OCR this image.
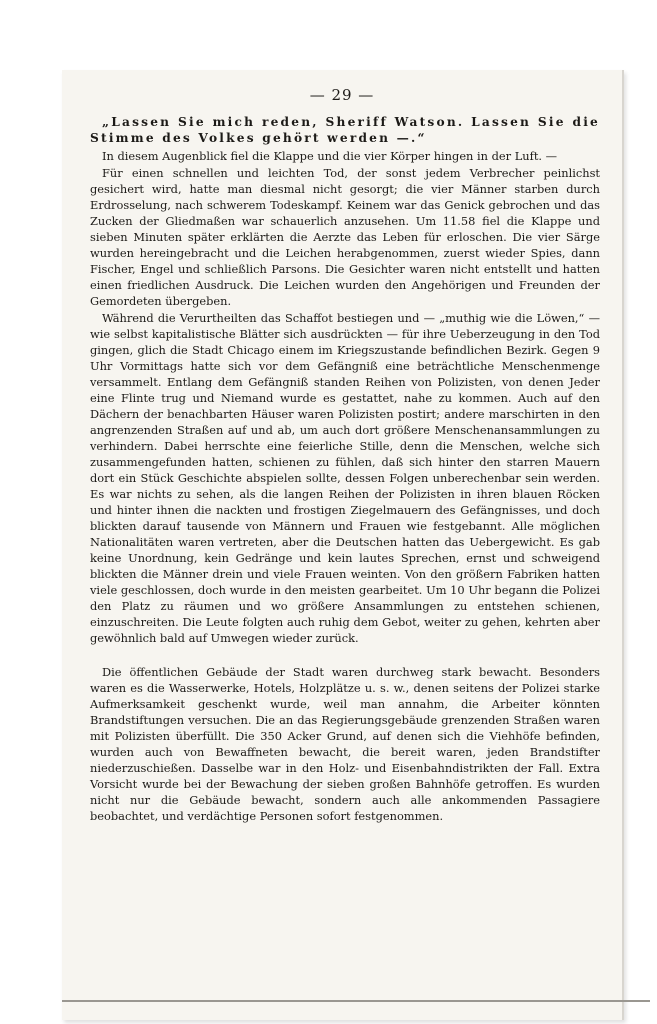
— 29 —

„Lassen Sie mich reden, Sheriff Watson. Lassen Sie die Stimme des Volkes gehört werden —.“

In diesem Augenblick fiel die Klappe und die vier Körper hingen in der Luft. —

Für einen schnellen und leichten Tod, der sonst jedem Verbrecher peinlichst gesichert wird, hatte man diesmal nicht gesorgt; die vier Männer starben durch Erdrosselung, nach schwerem Todeskampf. Keinem war das Genick gebrochen und das Zucken der Gliedmaßen war schauerlich anzusehen. Um 11.58 fiel die Klappe und sieben Minuten später erklärten die Aerzte das Leben für erloschen. Die vier Särge wurden hereingebracht und die Leichen herabgenommen, zuerst wieder Spies, dann Fischer, Engel und schließlich Parsons. Die Gesichter waren nicht entstellt und hatten einen friedlichen Ausdruck. Die Leichen wurden den Angehörigen und Freunden der Gemordeten übergeben.

Während die Verurtheilten das Schaffot bestiegen und — „muthig wie die Löwen,“ — wie selbst kapitalistische Blätter sich ausdrückten — für ihre Ueberzeugung in den Tod gingen, glich die Stadt Chicago einem im Kriegszustande befindlichen Bezirk. Gegen 9 Uhr Vormittags hatte sich vor dem Gefängniß eine beträchtliche Menschenmenge versammelt. Entlang dem Gefängniß standen Reihen von Polizisten, von denen Jeder eine Flinte trug und Niemand wurde es gestattet, nahe zu kommen. Auch auf den Dächern der benachbarten Häuser waren Polizisten postirt; andere marschirten in den angrenzenden Straßen auf und ab, um auch dort größere Menschenansammlungen zu verhindern. Dabei herrschte eine feierliche Stille, denn die Menschen, welche sich zusammengefunden hatten, schienen zu fühlen, daß sich hinter den starren Mauern dort ein Stück Geschichte abspielen sollte, dessen Folgen unberechenbar sein werden. Es war nichts zu sehen, als die langen Reihen der Polizisten in ihren blauen Röcken und hinter ihnen die nackten und frostigen Ziegelmauern des Gefängnisses, und doch blickten darauf tausende von Männern und Frauen wie festgebannt. Alle möglichen Nationalitäten waren vertreten, aber die Deutschen hatten das Uebergewicht. Es gab keine Unordnung, kein Gedränge und kein lautes Sprechen, ernst und schweigend blickten die Männer drein und viele Frauen weinten. Von den größern Fabriken hatten viele geschlossen, doch wurde in den meisten gearbeitet. Um 10 Uhr begann die Polizei den Platz zu räumen und wo größere Ansammlungen zu entstehen schienen, einzuschreiten. Die Leute folgten auch ruhig dem Gebot, weiter zu gehen, kehrten aber gewöhnlich bald auf Umwegen wieder zurück.

Die öffentlichen Gebäude der Stadt waren durchweg stark bewacht. Besonders waren es die Wasserwerke, Hotels, Holzplätze u. s. w., denen seitens der Polizei starke Aufmerksamkeit geschenkt wurde, weil man annahm, die Arbeiter könnten Brandstiftungen versuchen. Die an das Regierungsgebäude grenzenden Straßen waren mit Polizisten überfüllt. Die 350 Acker Grund, auf denen sich die Viehhöfe befinden, wurden auch von Bewaffneten bewacht, die bereit waren, jeden Brandstifter niederzuschießen. Dasselbe war in den Holz- und Eisenbahndistrikten der Fall. Extra Vorsicht wurde bei der Bewachung der sieben großen Bahnhöfe getroffen. Es wurden nicht nur die Gebäude bewacht, sondern auch alle ankommenden Passagiere beobachtet, und verdächtige Personen sofort festgenommen.
